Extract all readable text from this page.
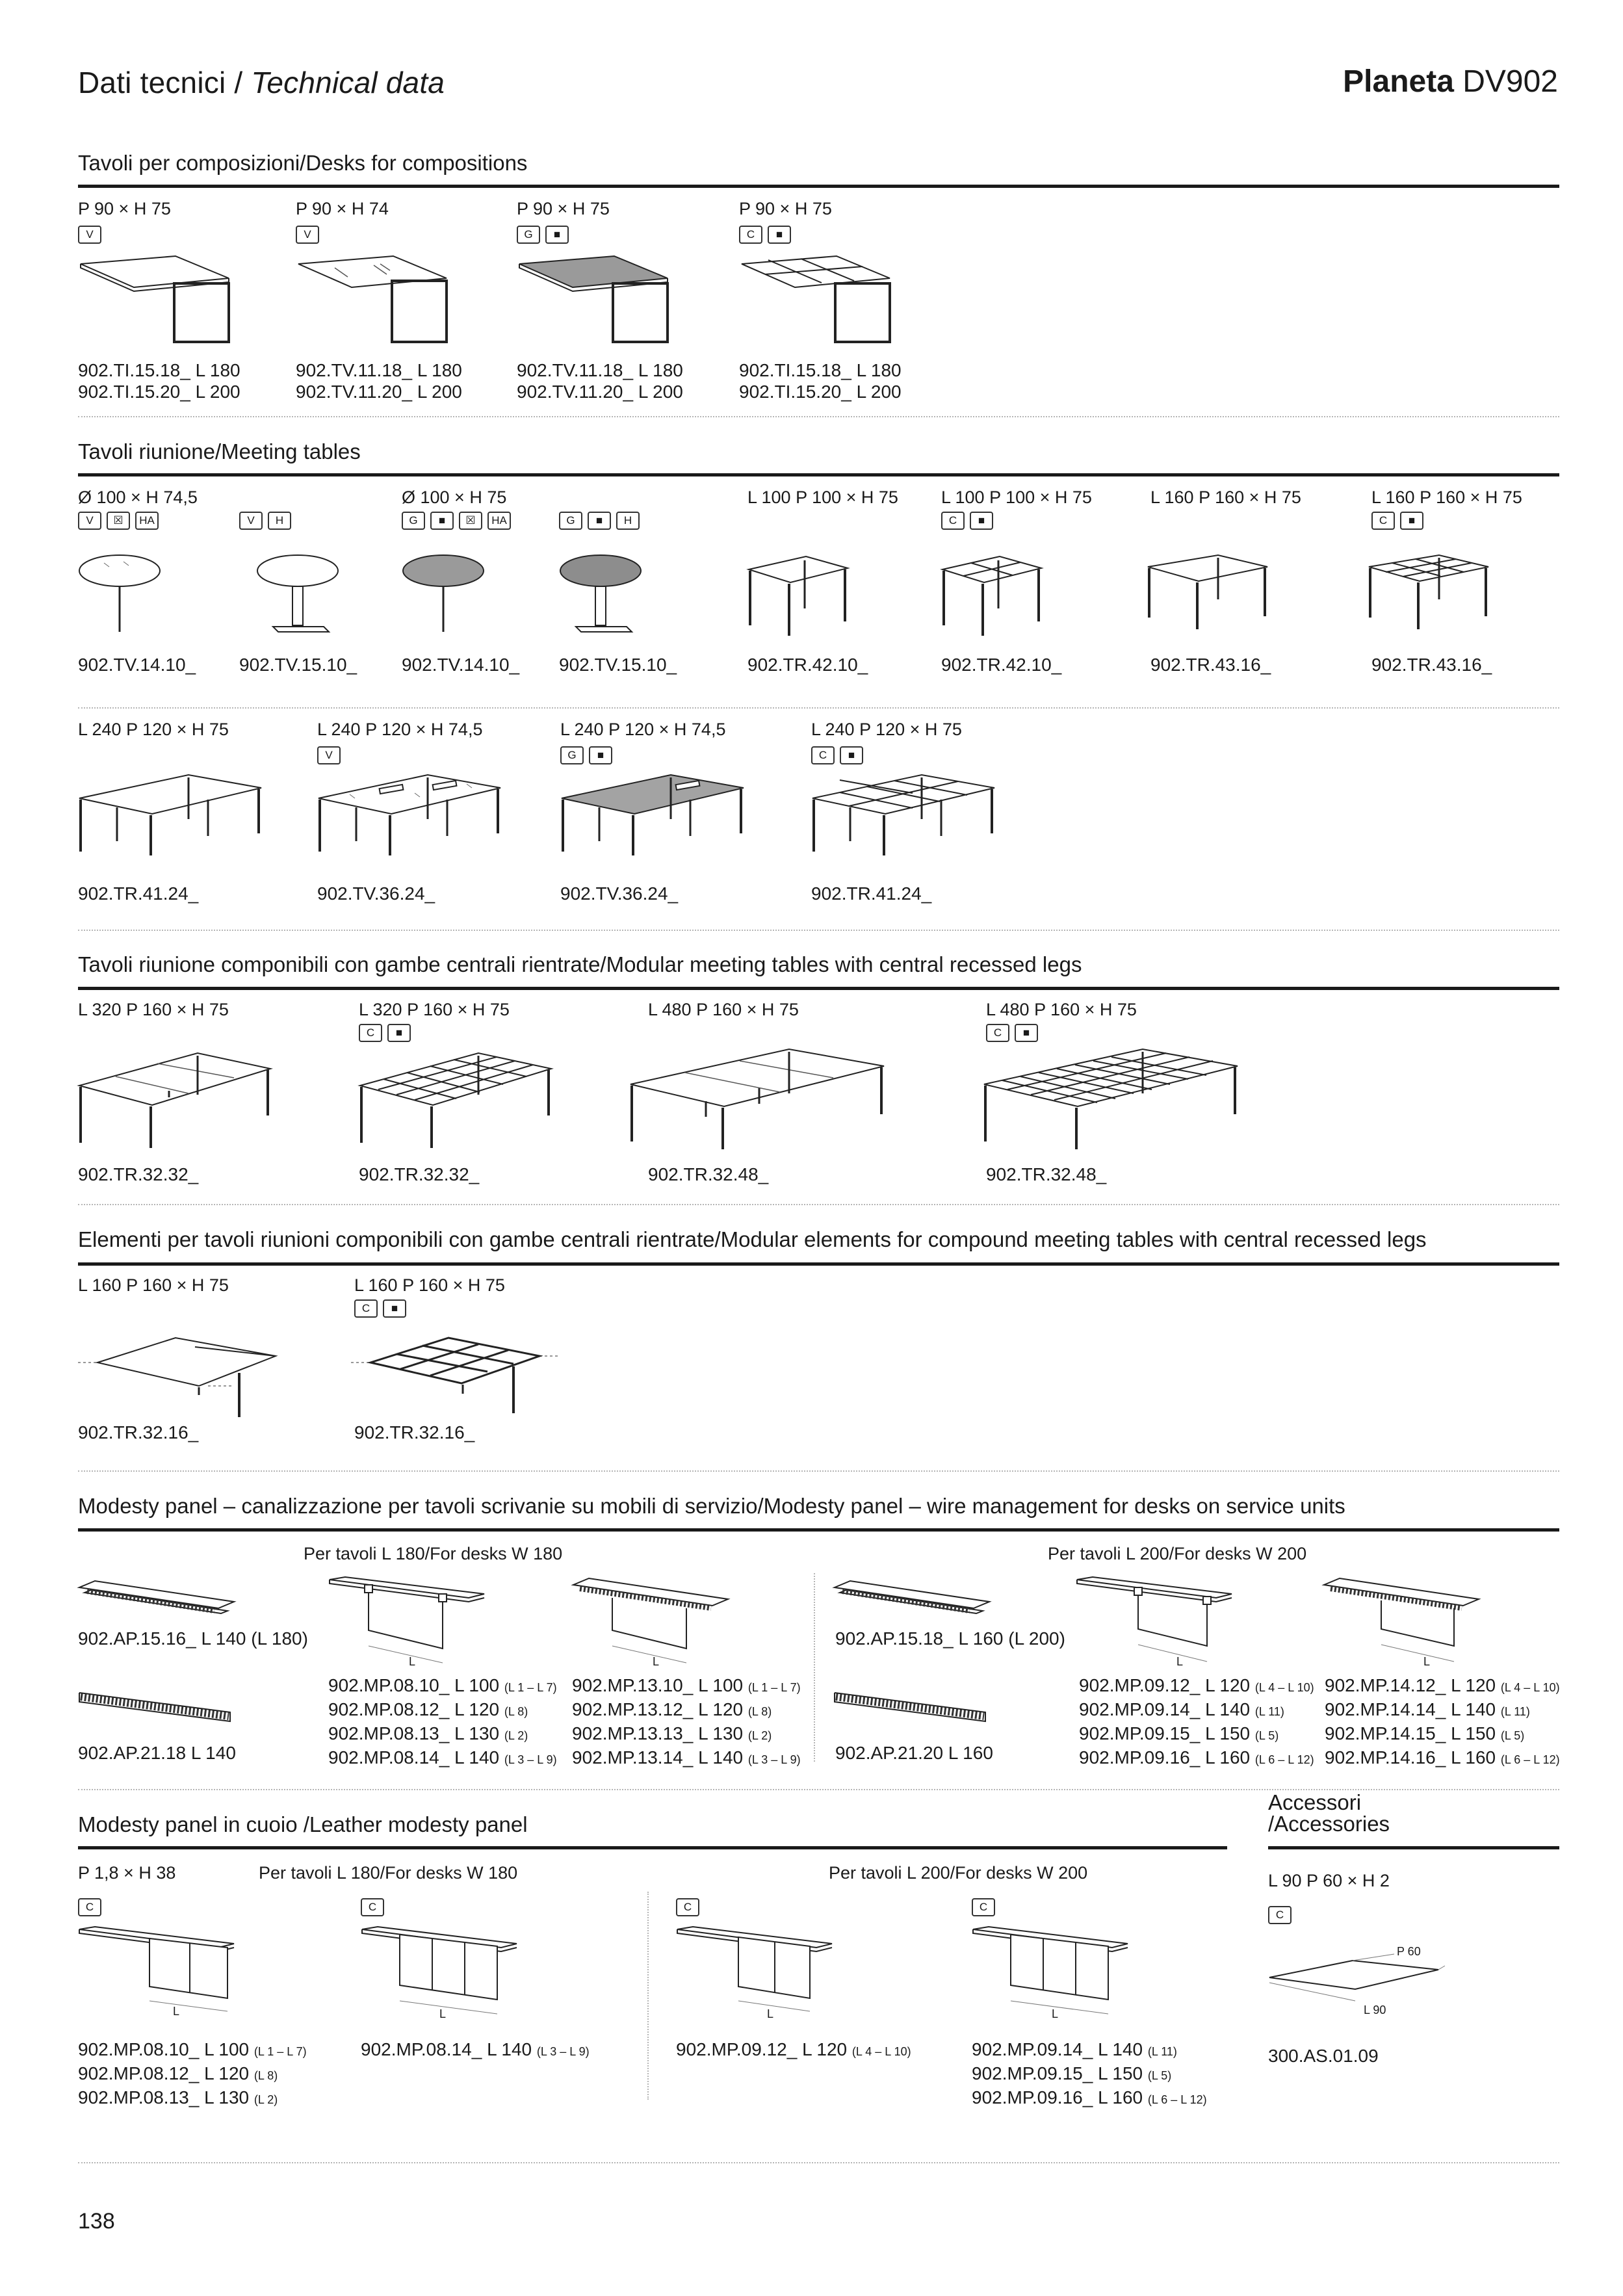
Dati tecnici / Technical data	Planeta DV902
Tavoli per composizioni/Desks for compositions
P 90 × H 75
V
P 90 × H 74
V
P 90 × H 75
G	■
P 90 × H 75
C	■
902.TI.15.18_ L 180
902.TI.15.20_ L 200
902.TV.11.18_ L 180
902.TV.11.20_ L 200
902.TV.11.18_ L 180
902.TV.11.20_ L 200
902.TI.15.18_ L 180
902.TI.15.20_ L 200
Tavoli riunione/Meeting tables
Ø 100 × H 74,5
V	☒	HA	V	H
Ø 100 × H 75
G	■	☒	HA	G	■	H
L 100 P 100 × H 75 L 100 P 100 × H 75
C	■
L 160 P 160 × H 75	L 160 P 160 × H 75
C	■
902.TV.14.10_ 902.TV.15.10_ 902.TV.14.10_ 902.TV.15.10_	902.TR.42.10_	902.TR.42.10_	902.TR.43.16_	902.TR.43.16_
L 240 P 120 × H 75	L 240 P 120 × H 74,5
V
L 240 P 120 × H 74,5
G	■
L 240 P 120 × H 75
C	■
902.TR.41.24_	902.TV.36.24_	902.TV.36.24_	902.TR.41.24_
Tavoli riunione componibili con gambe centrali rientrate/Modular meeting tables with central recessed legs
L 320 P 160 × H 75	L 320 P 160 × H 75
C	■
L 480 P 160 × H 75	L 480 P 160 × H 75
C	■
902.TR.32.32_	902.TR.32.32_	902.TR.32.48_	902.TR.32.48_
Elementi per tavoli riunioni componibili con gambe centrali rientrate/Modular elements for compound meeting tables with central recessed legs
L 160 P 160 × H 75	L 160 P 160 × H 75
C	■
902.TR.32.16_	902.TR.32.16_
Modesty panel – canalizzazione per tavoli scrivanie su mobili di servizio/Modesty panel – wire management for desks on service units
Per tavoli L 180/For desks W 180	Per tavoli L 200/For desks W 200
902.AP.15.16_ L 140 (L 180)
902.AP.21.18 L 140
L
902.MP.08.10_ L 100 (L 1 – L 7)
902.MP.08.12_ L 120 (L 8)
902.MP.08.13_ L 130 (L 2)
902.MP.08.14_ L 140 (L 3 – L 9)
L
902.MP.13.10_ L 100 (L 1 – L 7)
902.MP.13.12_ L 120 (L 8)
902.MP.13.13_ L 130 (L 2)
902.MP.13.14_ L 140 (L 3 – L 9)
902.AP.15.18_ L 160 (L 200)
902.AP.21.20 L 160
L
902.MP.09.12_ L 120 (L 4 – L 10)
902.MP.09.14_ L 140 (L 11)
902.MP.09.15_ L 150 (L 5)
902.MP.09.16_ L 160 (L 6 – L 12)
L
902.MP.14.12_ L 120 (L 4 – L 10)
902.MP.14.14_ L 140 (L 11)
902.MP.14.15_ L 150 (L 5)
902.MP.14.16_ L 160 (L 6 – L 12)
Modesty panel in cuoio /Leather modesty panel
P 1,8 × H 38	Per tavoli L 180/For desks W 180	Per tavoli L 200/For desks W 200
C	C	C	C
L	L	L	L
902.MP.08.10_ L 100 (L 1 – L 7)
902.MP.08.12_ L 120 (L 8)
902.MP.08.13_ L 130 (L 2)
902.MP.08.14_ L 140 (L 3 – L 9)	902.MP.09.12_ L 120 (L 4 – L 10)	902.MP.09.14_ L 140 (L 11)
902.MP.09.15_ L 150 (L 5)
902.MP.09.16_ L 160 (L 6 – L 12)
Accessori
/Accessories
L 90 P 60 × H 2
C
P 60
L 90
300.AS.01.09
138
